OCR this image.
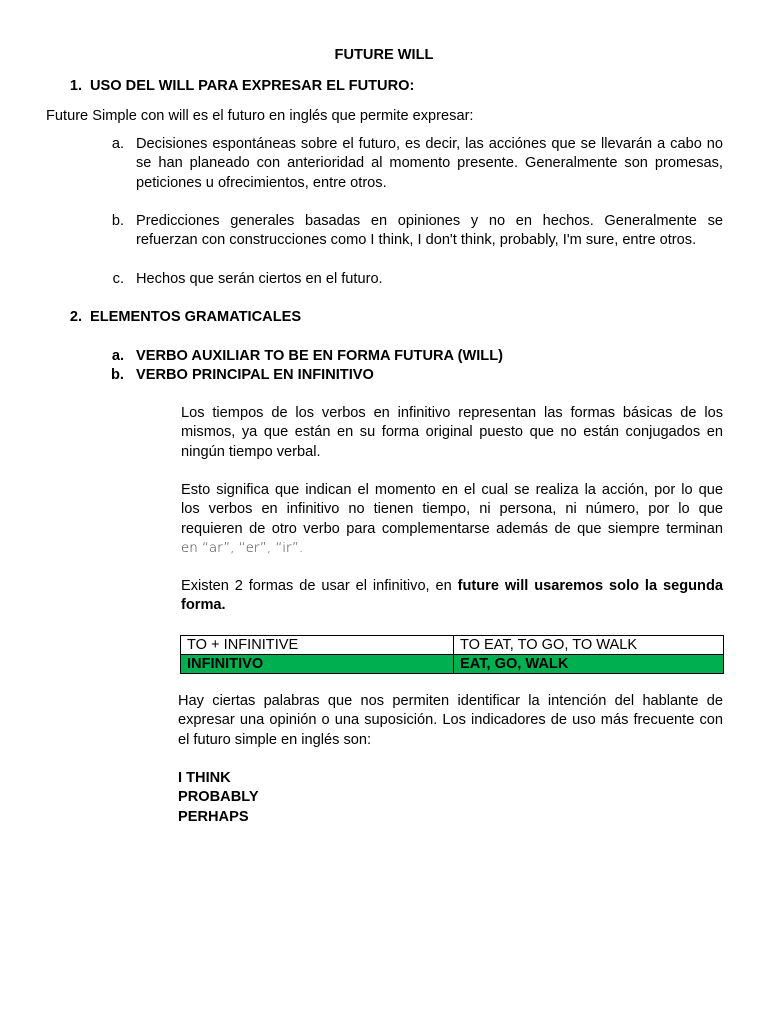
FUTURE WILL
1. USO DEL WILL PARA EXPRESAR EL FUTURO:
Future Simple con will es el futuro en inglés que permite expresar:
a. Decisiones espontáneas sobre el futuro, es decir, las acciónes que se llevarán a cabo no
se han planeado con anterioridad al momento presente. Generalmente son promesas,
peticiones u ofrecimientos, entre otros.
b. Predicciones generales basadas en opiniones y no en hechos. Generalmente se
refuerzan con construcciones como I think, I don't think, probably, I'm sure, entre otros.
c. Hechos que serán ciertos en el futuro.
2. ELEMENTOS GRAMATICALES
a. VERBO AUXILIAR TO BE EN FORMA FUTURA (WILL)
b. VERBO PRINCIPAL EN INFINITIVO
Los tiempos de los verbos en infinitivo representan las formas básicas de los
mismos, ya que están en su forma original puesto que no están conjugados en
ningún tiempo verbal.
Esto significa que indican el momento en el cual se realiza la acción, por lo que
los verbos en infinitivo no tienen tiempo, ni persona, ni número, por lo que
requieren de otro verbo para complementarse además de que siempre terminan
en “ar”, “er”, “ir”.
Existen 2 formas de usar el infinitivo, en future will usaremos solo la segunda
forma.
TO + INFINITIVE	TO EAT, TO GO, TO WALK
INFINITIVO	EAT, GO, WALK
Hay ciertas palabras que nos permiten identificar la intención del hablante de
expresar una opinión o una suposición. Los indicadores de uso más frecuente con
el futuro simple en inglés son:
I THINK
PROBABLY
PERHAPS
